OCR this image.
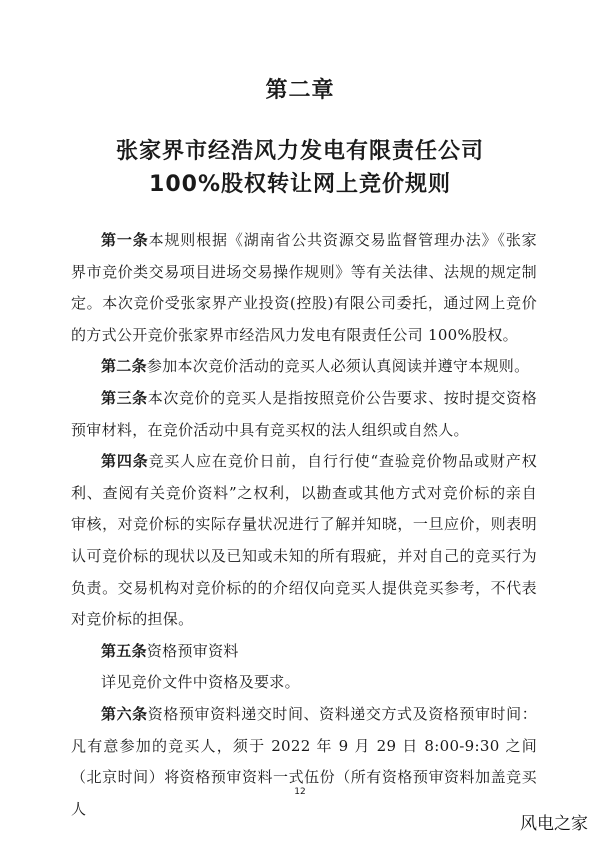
第二章
张家界市经浩风力发电有限责任公司
100%股权转让网上竞价规则

第一条本规则根据《湖南省公共资源交易监督管理办法》《张家界市竞价类交易项目进场交易操作规则》等有关法律、法规的规定制定。本次竞价受张家界产业投资(控股)有限公司委托，通过网上竞价的方式公开竞价张家界市经浩风力发电有限责任公司 100%股权。

第二条参加本次竞价活动的竞买人必须认真阅读并遵守本规则。

第三条本次竞价的竞买人是指按照竞价公告要求、按时提交资格预审材料，在竞价活动中具有竞买权的法人组织或自然人。

第四条竞买人应在竞价日前，自行行使“查验竞价物品或财产权利、查阅有关竞价资料”之权利，以勘查或其他方式对竞价标的亲自审核，对竞价标的实际存量状况进行了解并知晓，一旦应价，则表明认可竞价标的现状以及已知或未知的所有瑕疵，并对自己的竞买行为负责。交易机构对竞价标的的介绍仅向竞买人提供竞买参考，不代表对竞价标的担保。

第五条资格预审资料

详见竞价文件中资格及要求。

第六条资格预审资料递交时间、资料递交方式及资格预审时间：凡有意参加的竞买人，须于 2022 年 9 月 29 日 8:00-9:30 之间（北京时间）将资格预审资料一式伍份（所有资格预审资料加盖竞买人

12
风电之家
